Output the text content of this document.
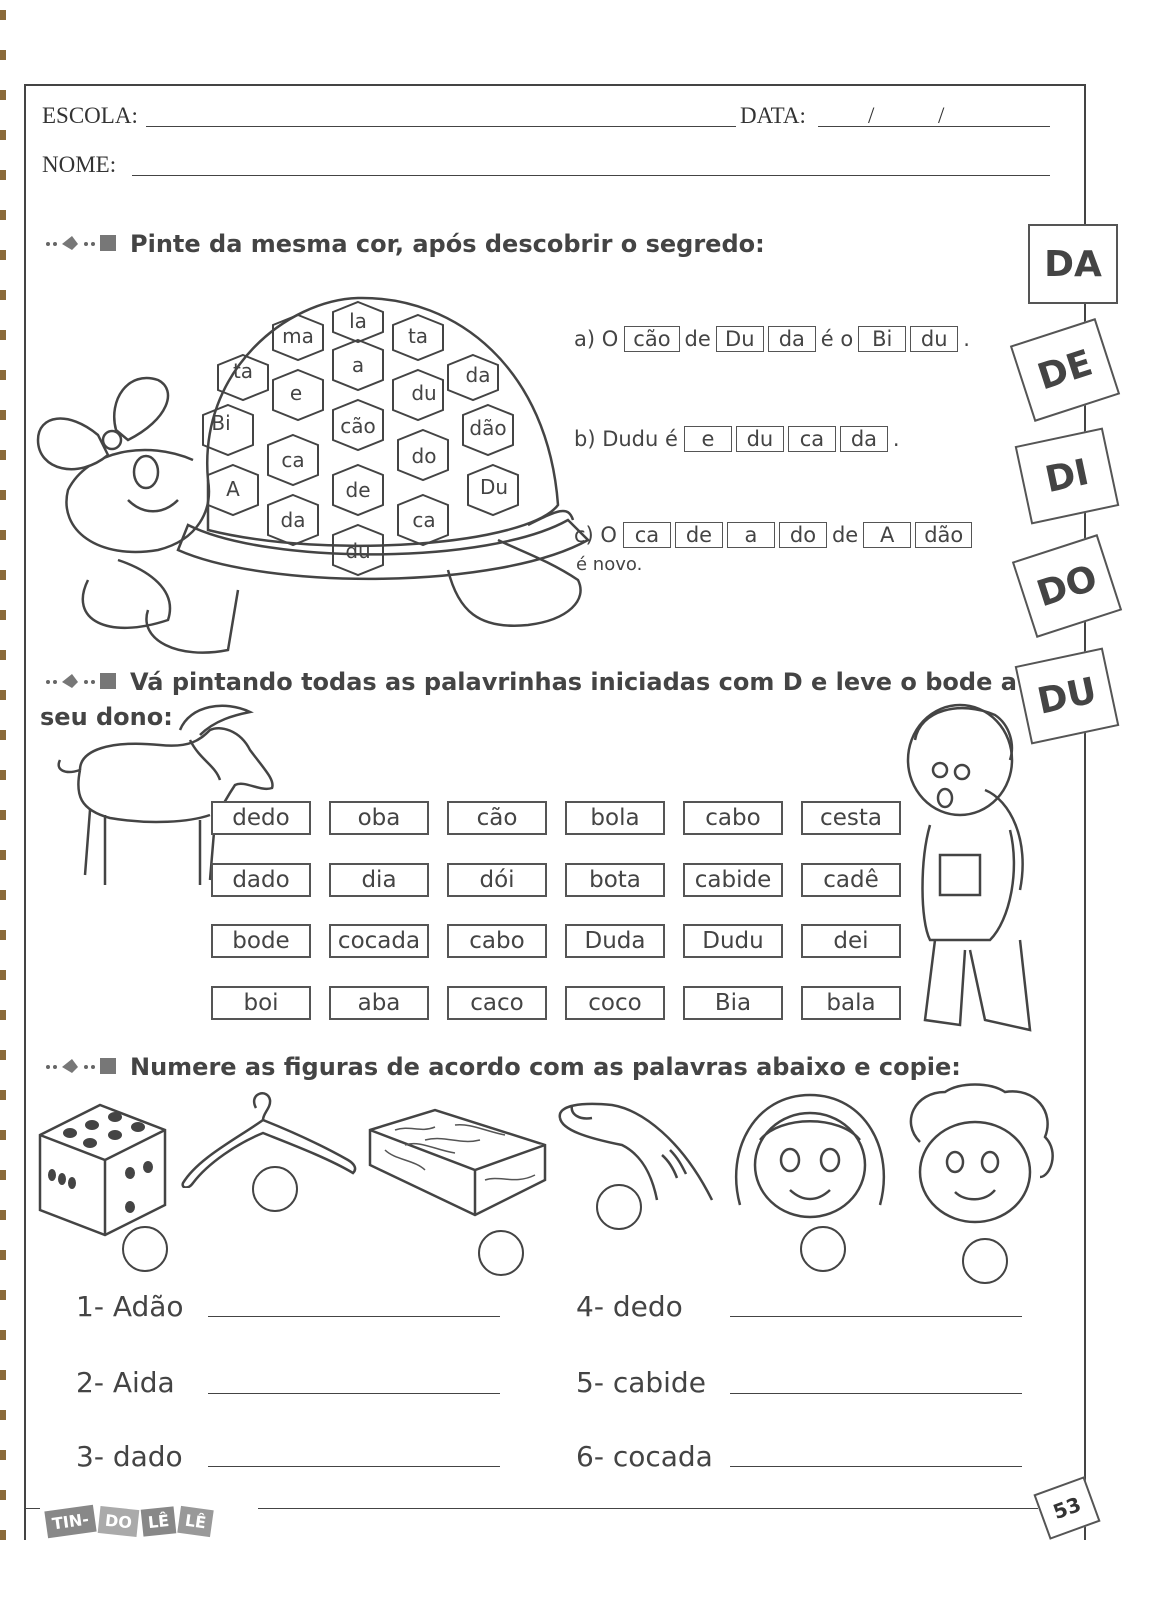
ESCOLA:	DATA:	/	/
NOME:
Pinte da mesma cor, após descobrir o segredo:	DA
DE
DI
DO
DU
la
ma	ta
ta	a	da
e	du
Bi	cão	dão
ca	do
A	de	Du
da	ca
du
a) O cão de Du da é o Bi du .
b) Dudu é e du ca da .
c) O ca de a do de A dão
é novo.
Vá pintando todas as palavrinhas iniciadas com D e leve o bode a
seu dono:
dedo	oba	cão	bola	cabo	cesta
dado	dia	dói	bota	cabide	cadê
bode	cocada	cabo	Duda	Dudu	dei
boi	aba	caco	coco	Bia	bala
Numere as figuras de acordo com as palavras abaixo e copie:
1- Adão	4- dedo
2- Aida	5- cabide
3- dado	6- cocada
TIN- DO LÊ LÊ	53
